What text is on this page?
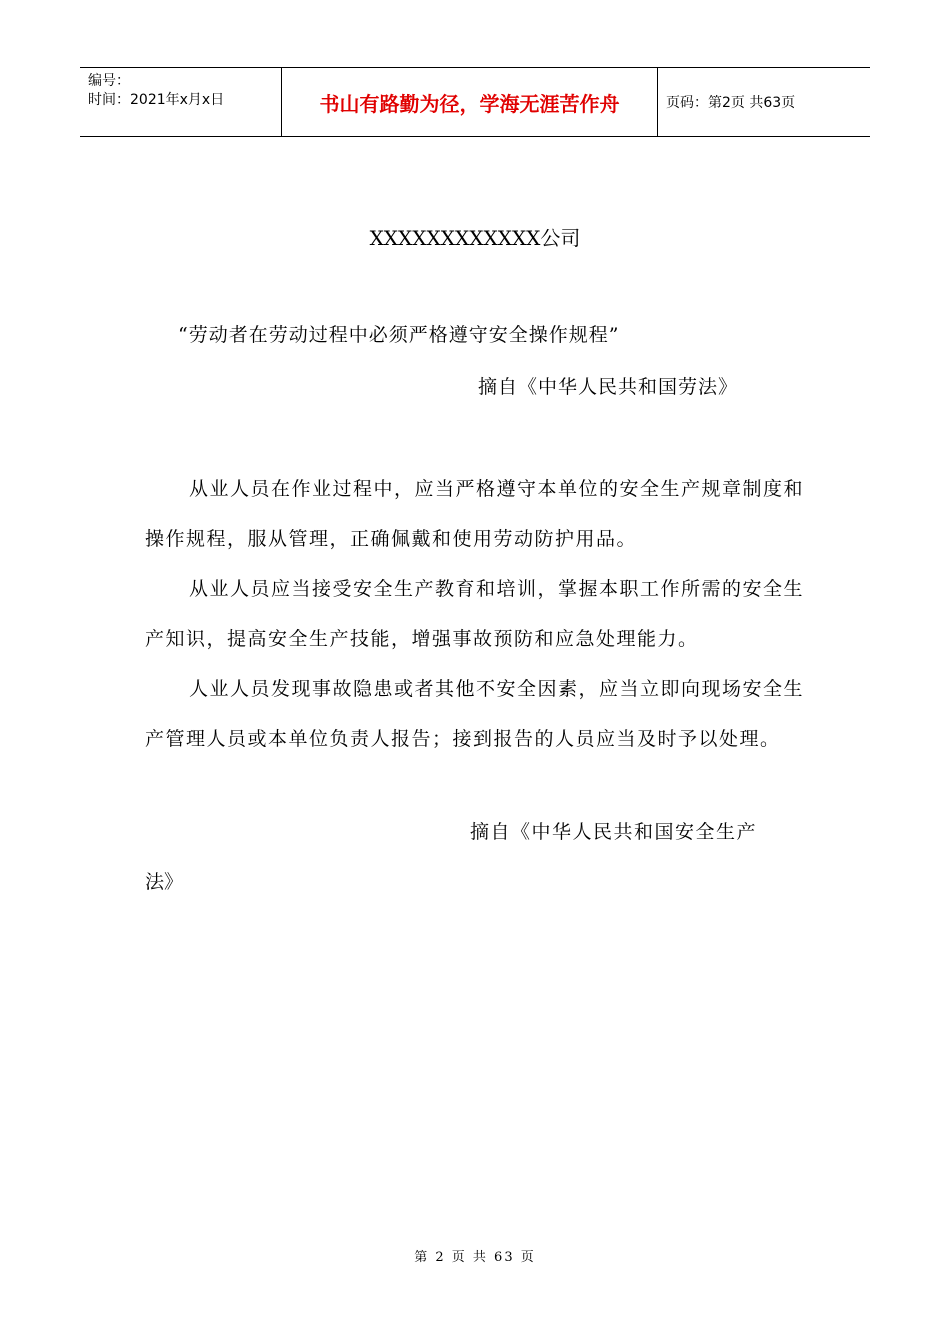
编号：
时间：2021年x月x日	书山有路勤为径，学海无涯苦作舟	页码：第2页 共63页
XXXXXXXXXXXX公司
“劳动者在劳动过程中必须严格遵守安全操作规程”
摘自《中华人民共和国劳法》

从业人员在作业过程中，应当严格遵守本单位的安全生产规章制度和操作规程，服从管理，正确佩戴和使用劳动防护用品。

从业人员应当接受安全生产教育和培训，掌握本职工作所需的安全生产知识，提高安全生产技能，增强事故预防和应急处理能力。

人业人员发现事故隐患或者其他不安全因素，应当立即向现场安全生产管理人员或本单位负责人报告；接到报告的人员应当及时予以处理。

摘自《中华人民共和国安全生产
法》
第 2 页 共 63 页
